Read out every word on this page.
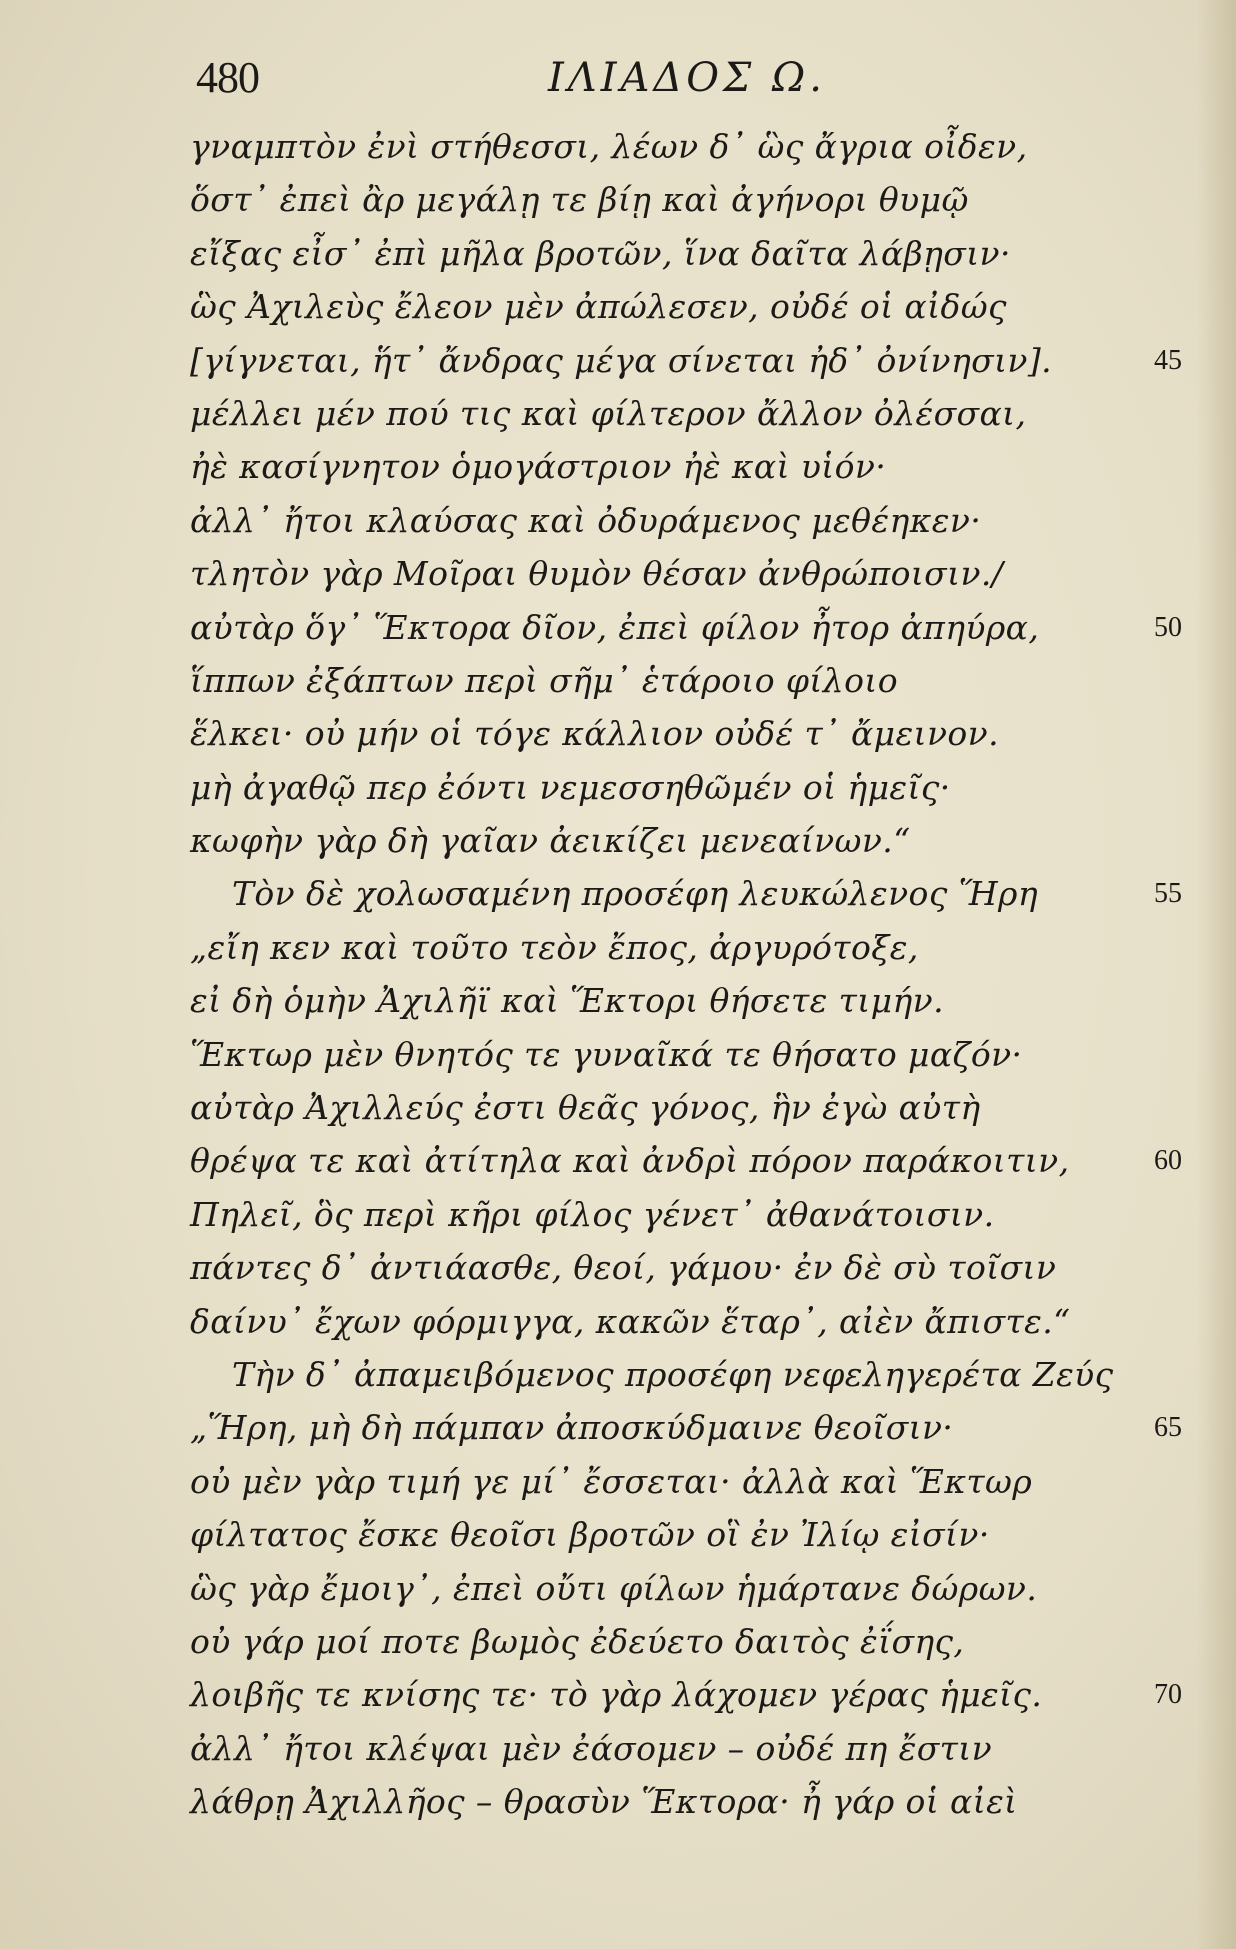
480	ΙΛΙΑΔΟΣ Ω.
γναμπτὸν ἐνὶ στήθεσσι, λέων δ᾿ ὣς ἄγρια οἶδεν,
ὅστ᾿ ἐπεὶ ἂρ μεγάλῃ τε βίῃ καὶ ἀγήνορι θυμῷ
εἴξας εἶσ᾿ ἐπὶ μῆλα βροτῶν, ἵνα δαῖτα λάβῃσιν·
ὣς Ἀχιλεὺς ἔλεον μὲν ἀπώλεσεν, οὐδέ οἱ αἰδώς
[γίγνεται, ἥτ᾿ ἄνδρας μέγα σίνεται ἠδ᾿ ὀνίνησιν].	45
μέλλει μέν πού τις καὶ φίλτερον ἄλλον ὀλέσσαι,
ἠὲ κασίγνητον ὁμογάστριον ἠὲ καὶ υἱόν·
ἀλλ᾿ ἤτοι κλαύσας καὶ ὀδυράμενος μεθέηκεν·
τλητὸν γὰρ Μοῖραι θυμὸν θέσαν ἀνθρώποισιν./
αὐτὰρ ὅγ᾿ Ἕκτορα δῖον, ἐπεὶ φίλον ἦτορ ἀπηύρα,	50
ἵππων ἐξάπτων περὶ σῆμ᾿ ἑτάροιο φίλοιο
ἕλκει· οὐ μήν οἱ τόγε κάλλιον οὐδέ τ᾿ ἄμεινον.
μὴ ἀγαθῷ περ ἐόντι νεμεσσηθῶμέν οἱ ἡμεῖς·
κωφὴν γὰρ δὴ γαῖαν ἀεικίζει μενεαίνων.“
Τὸν δὲ χολωσαμένη προσέφη λευκώλενος Ἥρη	55
„εἴη κεν καὶ τοῦτο τεὸν ἔπος, ἀργυρότοξε,
εἰ δὴ ὁμὴν Ἀχιλῆϊ καὶ Ἕκτορι θήσετε τιμήν.
Ἕκτωρ μὲν θνητός τε γυναῖκά τε θήσατο μαζόν·
αὐτὰρ Ἀχιλλεύς ἐστι θεᾶς γόνος, ἣν ἐγὼ αὐτὴ
θρέψα τε καὶ ἀτίτηλα καὶ ἀνδρὶ πόρον παράκοιτιν,	60
Πηλεῖ, ὃς περὶ κῆρι φίλος γένετ᾿ ἀθανάτοισιν.
πάντες δ᾿ ἀντιάασθε, θεοί, γάμου· ἐν δὲ σὺ τοῖσιν
δαίνυ᾿ ἔχων φόρμιγγα, κακῶν ἕταρ᾿, αἰὲν ἄπιστε.“
Τὴν δ᾿ ἀπαμειβόμενος προσέφη νεφεληγερέτα Ζεύς
„Ἥρη, μὴ δὴ πάμπαν ἀποσκύδμαινε θεοῖσιν·	65
οὐ μὲν γὰρ τιμή γε μί᾿ ἔσσεται· ἀλλὰ καὶ Ἕκτωρ
φίλτατος ἔσκε θεοῖσι βροτῶν οἳ ἐν Ἰλίῳ εἰσίν·
ὣς γὰρ ἔμοιγ᾿, ἐπεὶ οὔτι φίλων ἡμάρτανε δώρων.
οὐ γάρ μοί ποτε βωμὸς ἐδεύετο δαιτὸς ἐΐσης,
λοιβῆς τε κνίσης τε· τὸ γὰρ λάχομεν γέρας ἡμεῖς.	70
ἀλλ᾿ ἤτοι κλέψαι μὲν ἐάσομεν – οὐδέ πη ἔστιν
λάθρῃ Ἀχιλλῆος – θρασὺν Ἕκτορα· ἦ γάρ οἱ αἰεὶ
